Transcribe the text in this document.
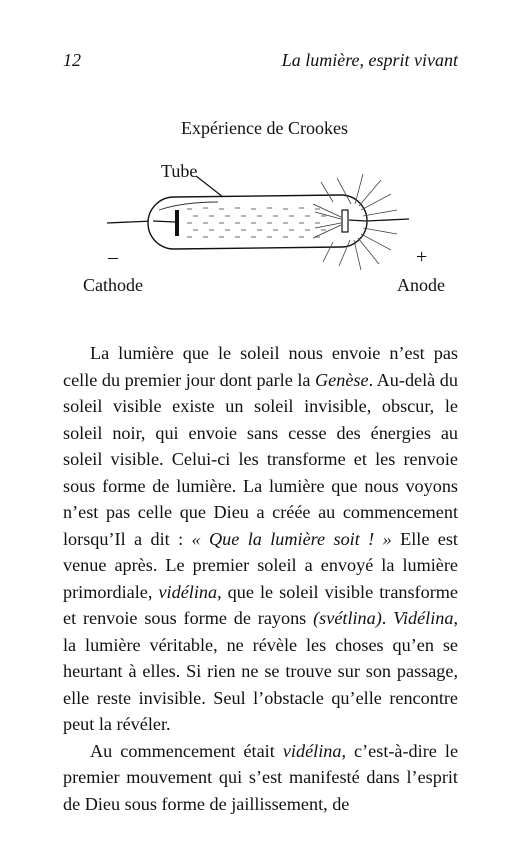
12	La lumière, esprit vivant
Expérience de Crookes
Tube
–	+
Cathode	Anode

La lumière que le soleil nous envoie n’est pas celle du premier jour dont parle la Genèse. Au-delà du soleil visible existe un soleil invisible, obscur, le soleil noir, qui envoie sans cesse des énergies au soleil visible. Celui-ci les transforme et les renvoie sous forme de lumière. La lumière que nous voyons n’est pas celle que Dieu a créée au commencement lorsqu’Il a dit : « Que la lumière soit ! » Elle est venue après. Le premier soleil a envoyé la lumière primordiale, vidélina, que le soleil visible transforme et renvoie sous forme de rayons (svétlina). Vidélina, la lumière véritable, ne révèle les choses qu’en se heurtant à elles. Si rien ne se trouve sur son passage, elle reste invisible. Seul l’obstacle qu’elle rencontre peut la révéler.

Au commencement était vidélina, c’est-à-dire le premier mouvement qui s’est manifesté dans l’esprit de Dieu sous forme de jaillissement, de
